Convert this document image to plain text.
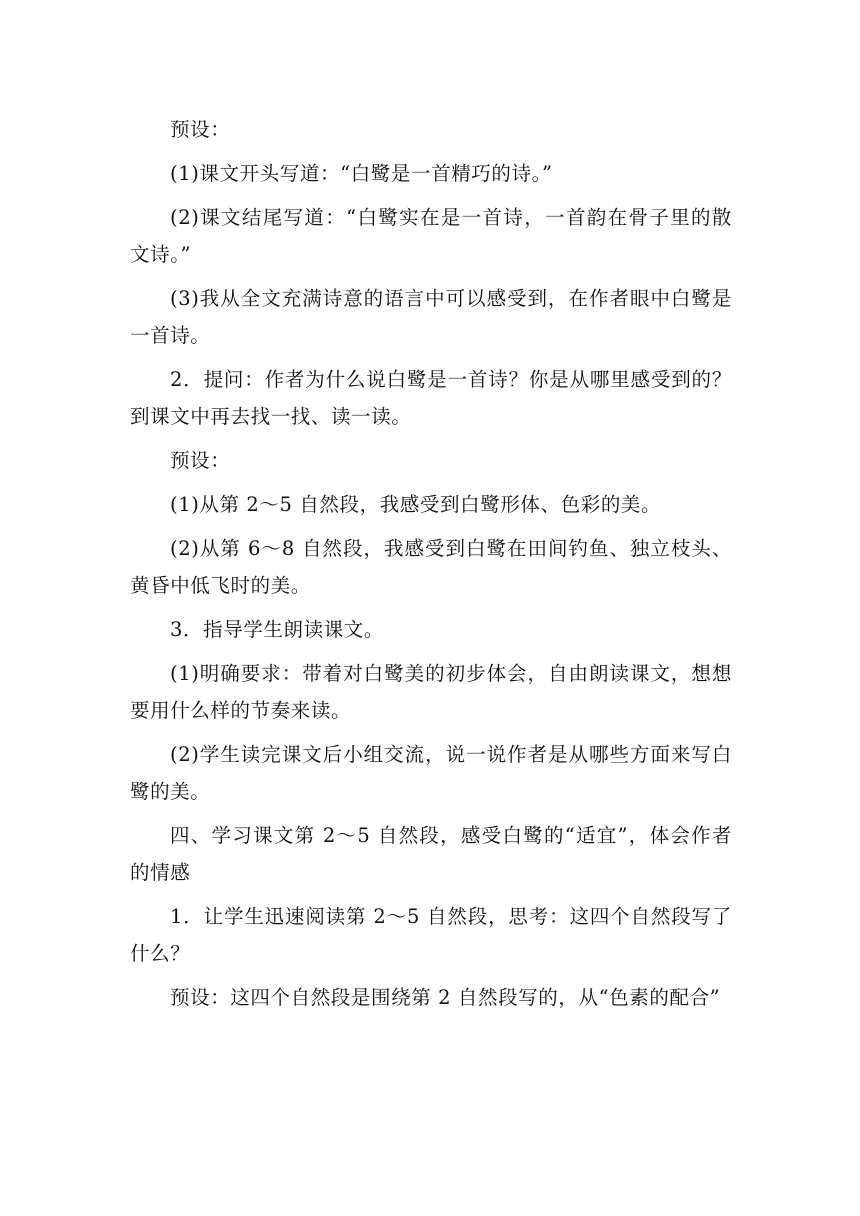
预设：

(1)课文开头写道：“白鹭是一首精巧的诗。”

(2)课文结尾写道：“白鹭实在是一首诗，一首韵在骨子里的散文诗。”

(3)我从全文充满诗意的语言中可以感受到，在作者眼中白鹭是一首诗。

2．提问：作者为什么说白鹭是一首诗？你是从哪里感受到的？到课文中再去找一找、读一读。

预设：

(1)从第 2～5 自然段，我感受到白鹭形体、色彩的美。

(2)从第 6～8 自然段，我感受到白鹭在田间钓鱼、独立枝头、黄昏中低飞时的美。

3．指导学生朗读课文。

(1)明确要求：带着对白鹭美的初步体会，自由朗读课文，想想要用什么样的节奏来读。

(2)学生读完课文后小组交流，说一说作者是从哪些方面来写白鹭的美。

四、学习课文第 2～5 自然段，感受白鹭的“适宜”，体会作者的情感

1．让学生迅速阅读第 2～5 自然段，思考：这四个自然段写了什么？

预设：这四个自然段是围绕第 2 自然段写的，从“色素的配合”
